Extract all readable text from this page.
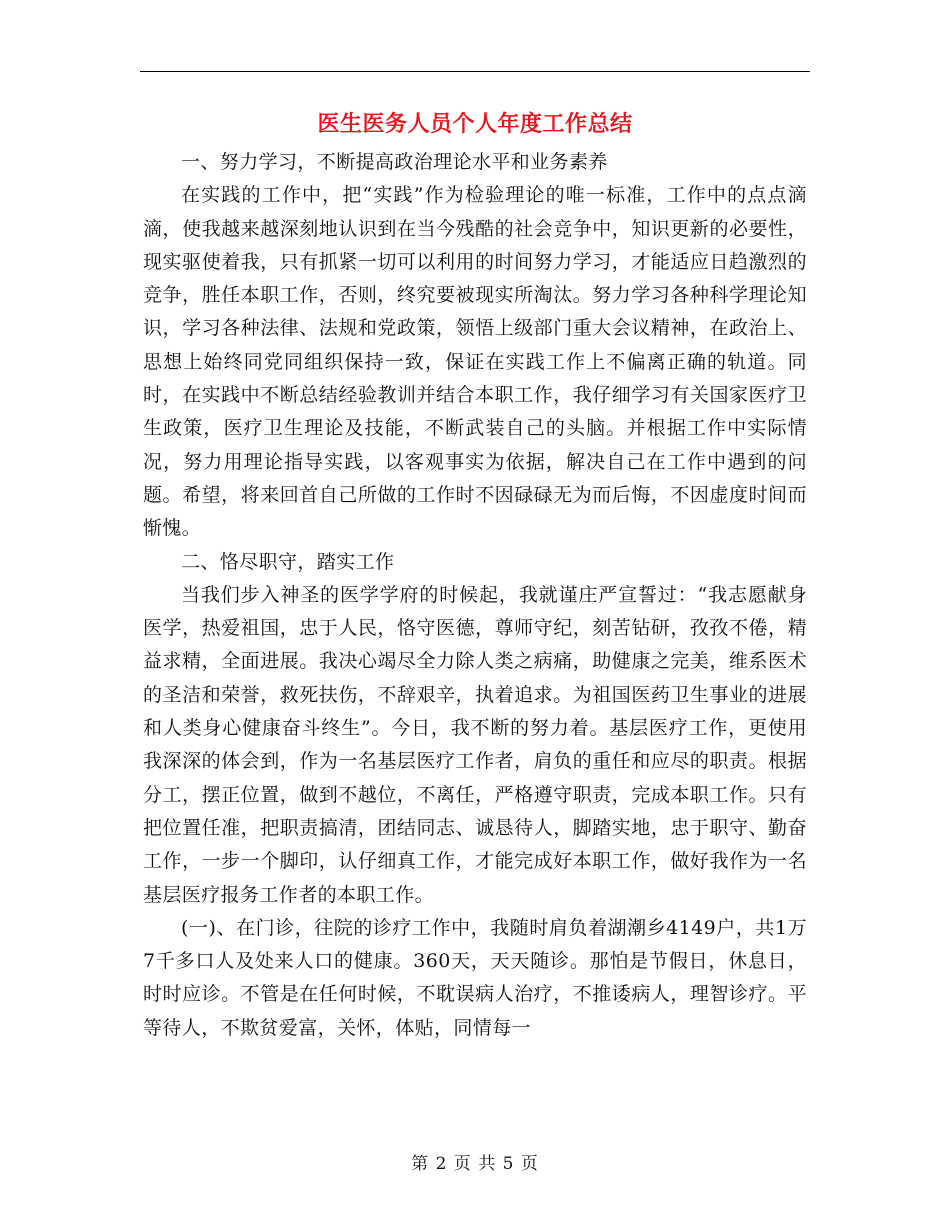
医生医务人员个人年度工作总结

一、努力学习，不断提高政治理论水平和业务素养

在实践的工作中，把“实践”作为检验理论的唯一标准，工作中的点点滴滴，使我越来越深刻地认识到在当今残酷的社会竞争中，知识更新的必要性，现实驱使着我，只有抓紧一切可以利用的时间努力学习，才能适应日趋激烈的竞争，胜任本职工作，否则，终究要被现实所淘汰。努力学习各种科学理论知识，学习各种法律、法规和党政策，领悟上级部门重大会议精神，在政治上、思想上始终同党同组织保持一致，保证在实践工作上不偏离正确的轨道。同时，在实践中不断总结经验教训并结合本职工作，我仔细学习有关国家医疗卫生政策，医疗卫生理论及技能，不断武装自己的头脑。并根据工作中实际情况，努力用理论指导实践，以客观事实为依据，解决自己在工作中遇到的问题。希望，将来回首自己所做的工作时不因碌碌无为而后悔，不因虚度时间而惭愧。

二、恪尽职守，踏实工作

当我们步入神圣的医学学府的时候起，我就谨庄严宣誓过：“我志愿献身医学，热爱祖国，忠于人民，恪守医德，尊师守纪，刻苦钻研，孜孜不倦，精益求精，全面进展。我决心竭尽全力除人类之病痛，助健康之完美，维系医术的圣洁和荣誉，救死扶伤，不辞艰辛，执着追求。为祖国医药卫生事业的进展和人类身心健康奋斗终生”。今日，我不断的努力着。基层医疗工作，更使用我深深的体会到，作为一名基层医疗工作者，肩负的重任和应尽的职责。根据分工，摆正位置，做到不越位，不离任，严格遵守职责，完成本职工作。只有把位置任准，把职责搞清，团结同志、诚恳待人，脚踏实地，忠于职守、勤奋工作，一步一个脚印，认仔细真工作，才能完成好本职工作，做好我作为一名基层医疗报务工作者的本职工作。

(一)、在门诊，往院的诊疗工作中，我随时肩负着湖潮乡4149户，共1万7千多口人及处来人口的健康。360天，天天随诊。那怕是节假日，休息日，时时应诊。不管是在任何时候，不耽误病人治疗，不推诿病人，理智诊疗。平等待人，不欺贫爱富，关怀，体贴，同情每一

第 2 页 共 5 页
